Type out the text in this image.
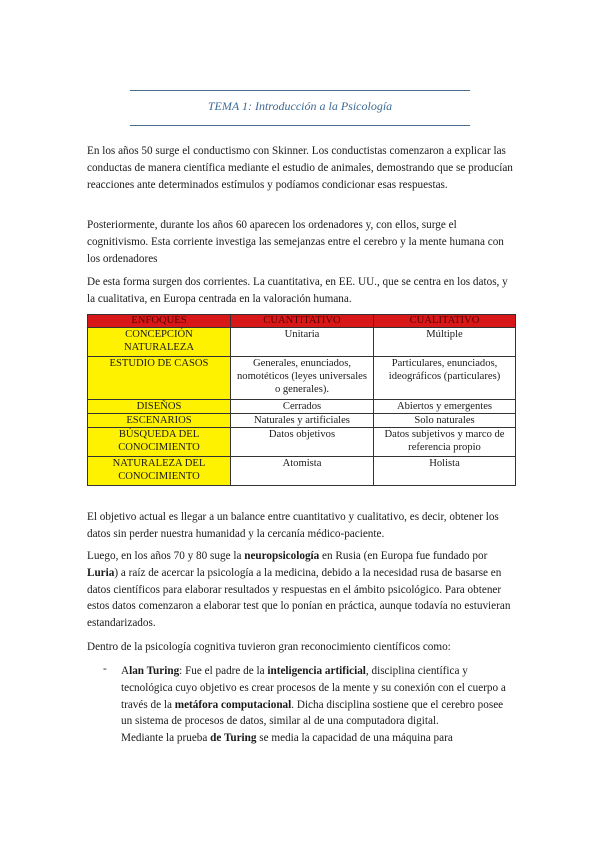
TEMA 1: Introducción a la Psicología

En los años 50 surge el conductismo con Skinner. Los conductistas comenzaron a explicar las conductas de manera científica mediante el estudio de animales, demostrando que se producían reacciones ante determinados estímulos y podíamos condicionar esas respuestas.

Posteriormente, durante los años 60 aparecen los ordenadores y, con ellos, surge el cognitivismo. Esta corriente investiga las semejanzas entre el cerebro y la mente humana con los ordenadores

De esta forma surgen dos corrientes. La cuantitativa, en EE. UU., que se centra en los datos, y la cualitativa, en Europa centrada en la valoración humana.

ENFOQUES	CUANTITATIVO	CUALITATIVO
CONCEPCIÓN NATURALEZA	Unitaria	Múltiple
ESTUDIO DE CASOS	Generales, enunciados, nomotéticos (leyes universales o generales).	Particulares, enunciados, ideográficos (particulares)
DISEÑOS	Cerrados	Abiertos y emergentes
ESCENARIOS	Naturales y artificiales	Solo naturales
BÚSQUEDA DEL CONOCIMIENTO	Datos objetivos	Datos subjetivos y marco de referencia propio
NATURALEZA DEL CONOCIMIENTO	Atomista	Holista

El objetivo actual es llegar a un balance entre cuantitativo y cualitativo, es decir, obtener los datos sin perder nuestra humanidad y la cercanía médico-paciente.

Luego, en los años 70 y 80 suge la neuropsicología en Rusia (en Europa fue fundado por Luria) a raíz de acercar la psicología a la medicina, debido a la necesidad rusa de basarse en datos científicos para elaborar resultados y respuestas en el ámbito psicológico. Para obtener estos datos comenzaron a elaborar test que lo ponían en práctica, aunque todavía no estuvieran estandarizados.

Dentro de la psicología cognitiva tuvieron gran reconocimiento científicos como:

- Alan Turing: Fue el padre de la inteligencia artificial, disciplina científica y tecnológica cuyo objetivo es crear procesos de la mente y su conexión con el cuerpo a través de la metáfora computacional. Dicha disciplina sostiene que el cerebro posee un sistema de procesos de datos, similar al de una computadora digital.
Mediante la prueba de Turing se media la capacidad de una máquina para
